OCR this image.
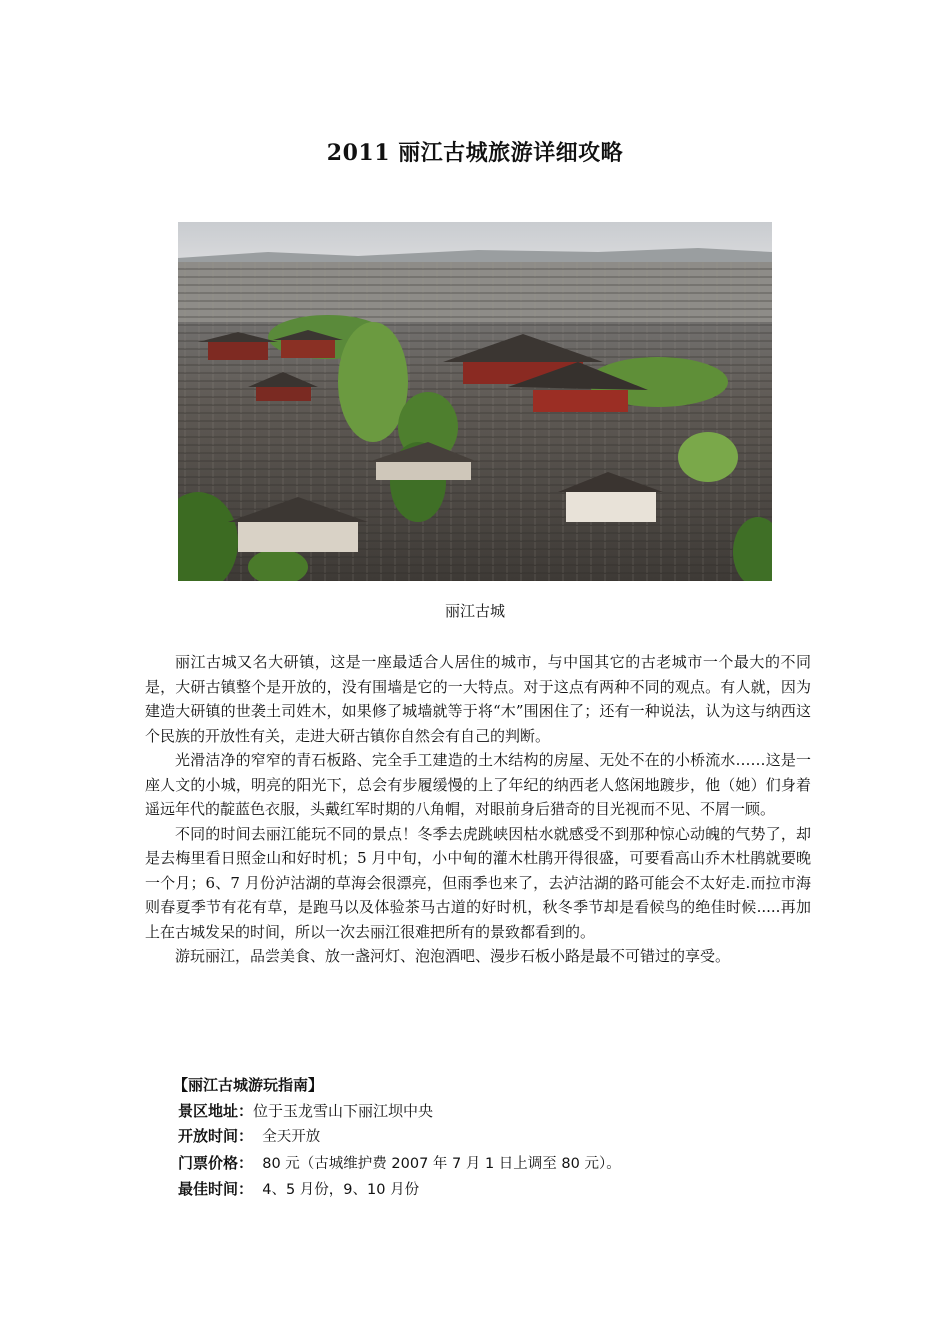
2011 丽江古城旅游详细攻略
丽江古城

丽江古城又名大研镇，这是一座最适合人居住的城市，与中国其它的古老城市一个最大的不同是，大研古镇整个是开放的，没有围墙是它的一大特点。对于这点有两种不同的观点。有人就，因为建造大研镇的世袭土司姓木，如果修了城墙就等于将“木”围困住了；还有一种说法，认为这与纳西这个民族的开放性有关，走进大研古镇你自然会有自己的判断。

光滑洁净的窄窄的青石板路、完全手工建造的土木结构的房屋、无处不在的小桥流水……这是一座人文的小城，明亮的阳光下，总会有步履缓慢的上了年纪的纳西老人悠闲地踱步，他（她）们身着遥远年代的靛蓝色衣服，头戴红军时期的八角帽，对眼前身后猎奇的目光视而不见、不屑一顾。

不同的时间去丽江能玩不同的景点！冬季去虎跳峡因枯水就感受不到那种惊心动魄的气势了，却是去梅里看日照金山和好时机；5 月中旬，小中甸的灌木杜鹃开得很盛，可要看高山乔木杜鹃就要晚一个月；6、7 月份泸沽湖的草海会很漂亮，但雨季也来了，去泸沽湖的路可能会不太好走.而拉市海则春夏季节有花有草，是跑马以及体验茶马古道的好时机，秋冬季节却是看候鸟的绝佳时候.....再加上在古城发呆的时间，所以一次去丽江很难把所有的景致都看到的。

游玩丽江，品尝美食、放一盏河灯、泡泡酒吧、漫步石板小路是最不可错过的享受。

【丽江古城游玩指南】
景区地址：位于玉龙雪山下丽江坝中央
开放时间：  全天开放
门票价格：  80 元（古城维护费 2007 年 7 月 1 日上调至 80 元）。
最佳时间：  4、5 月份，9、10 月份
